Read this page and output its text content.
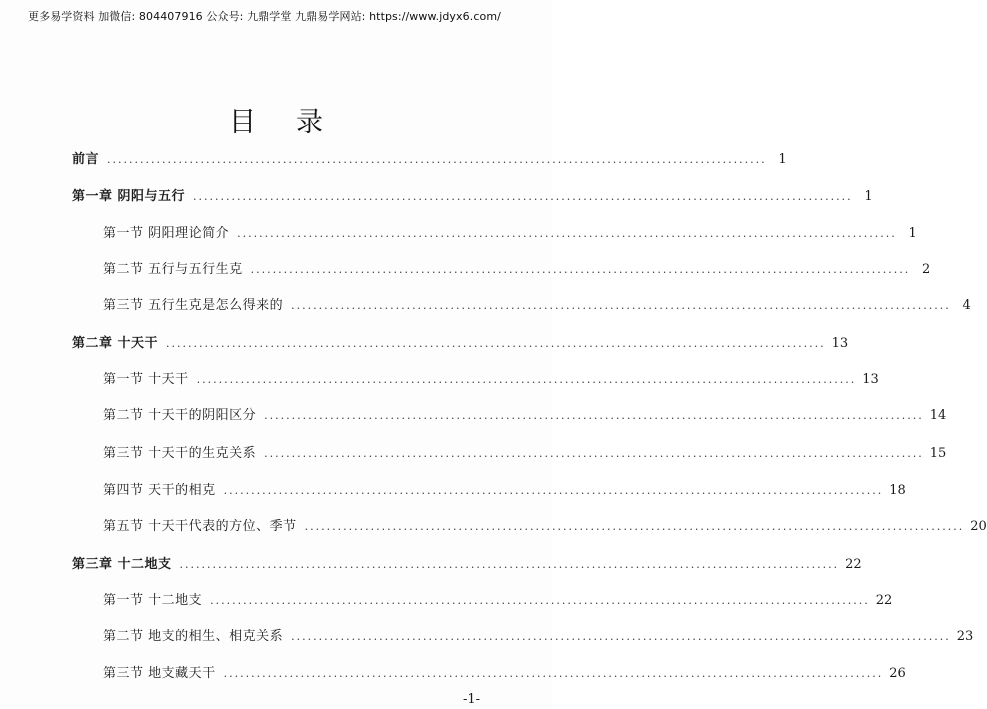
更多易学资料 加微信: 804407916 公众号: 九鼎学堂 九鼎易学网站: https://www.jdyx6.com/
目录
前言 ........................................................................................................................ 1
第一章 阴阳与五行 ........................................................................................................................ 1
第一节 阴阳理论简介 ........................................................................................................................ 1
第二节 五行与五行生克 ........................................................................................................................ 2
第三节 五行生克是怎么得来的 ........................................................................................................................ 4
第二章 十天干 ........................................................................................................................ 13
第一节 十天干 ........................................................................................................................ 13
第二节 十天干的阴阳区分 ........................................................................................................................ 14
第三节 十天干的生克关系 ........................................................................................................................ 15
第四节 天干的相克 ........................................................................................................................ 18
第五节 十天干代表的方位、季节 ........................................................................................................................ 20
第三章 十二地支 ........................................................................................................................ 22
第一节 十二地支 ........................................................................................................................ 22
第二节 地支的相生、相克关系 ........................................................................................................................ 23
第三节 地支藏天干 ........................................................................................................................ 26
-1-
